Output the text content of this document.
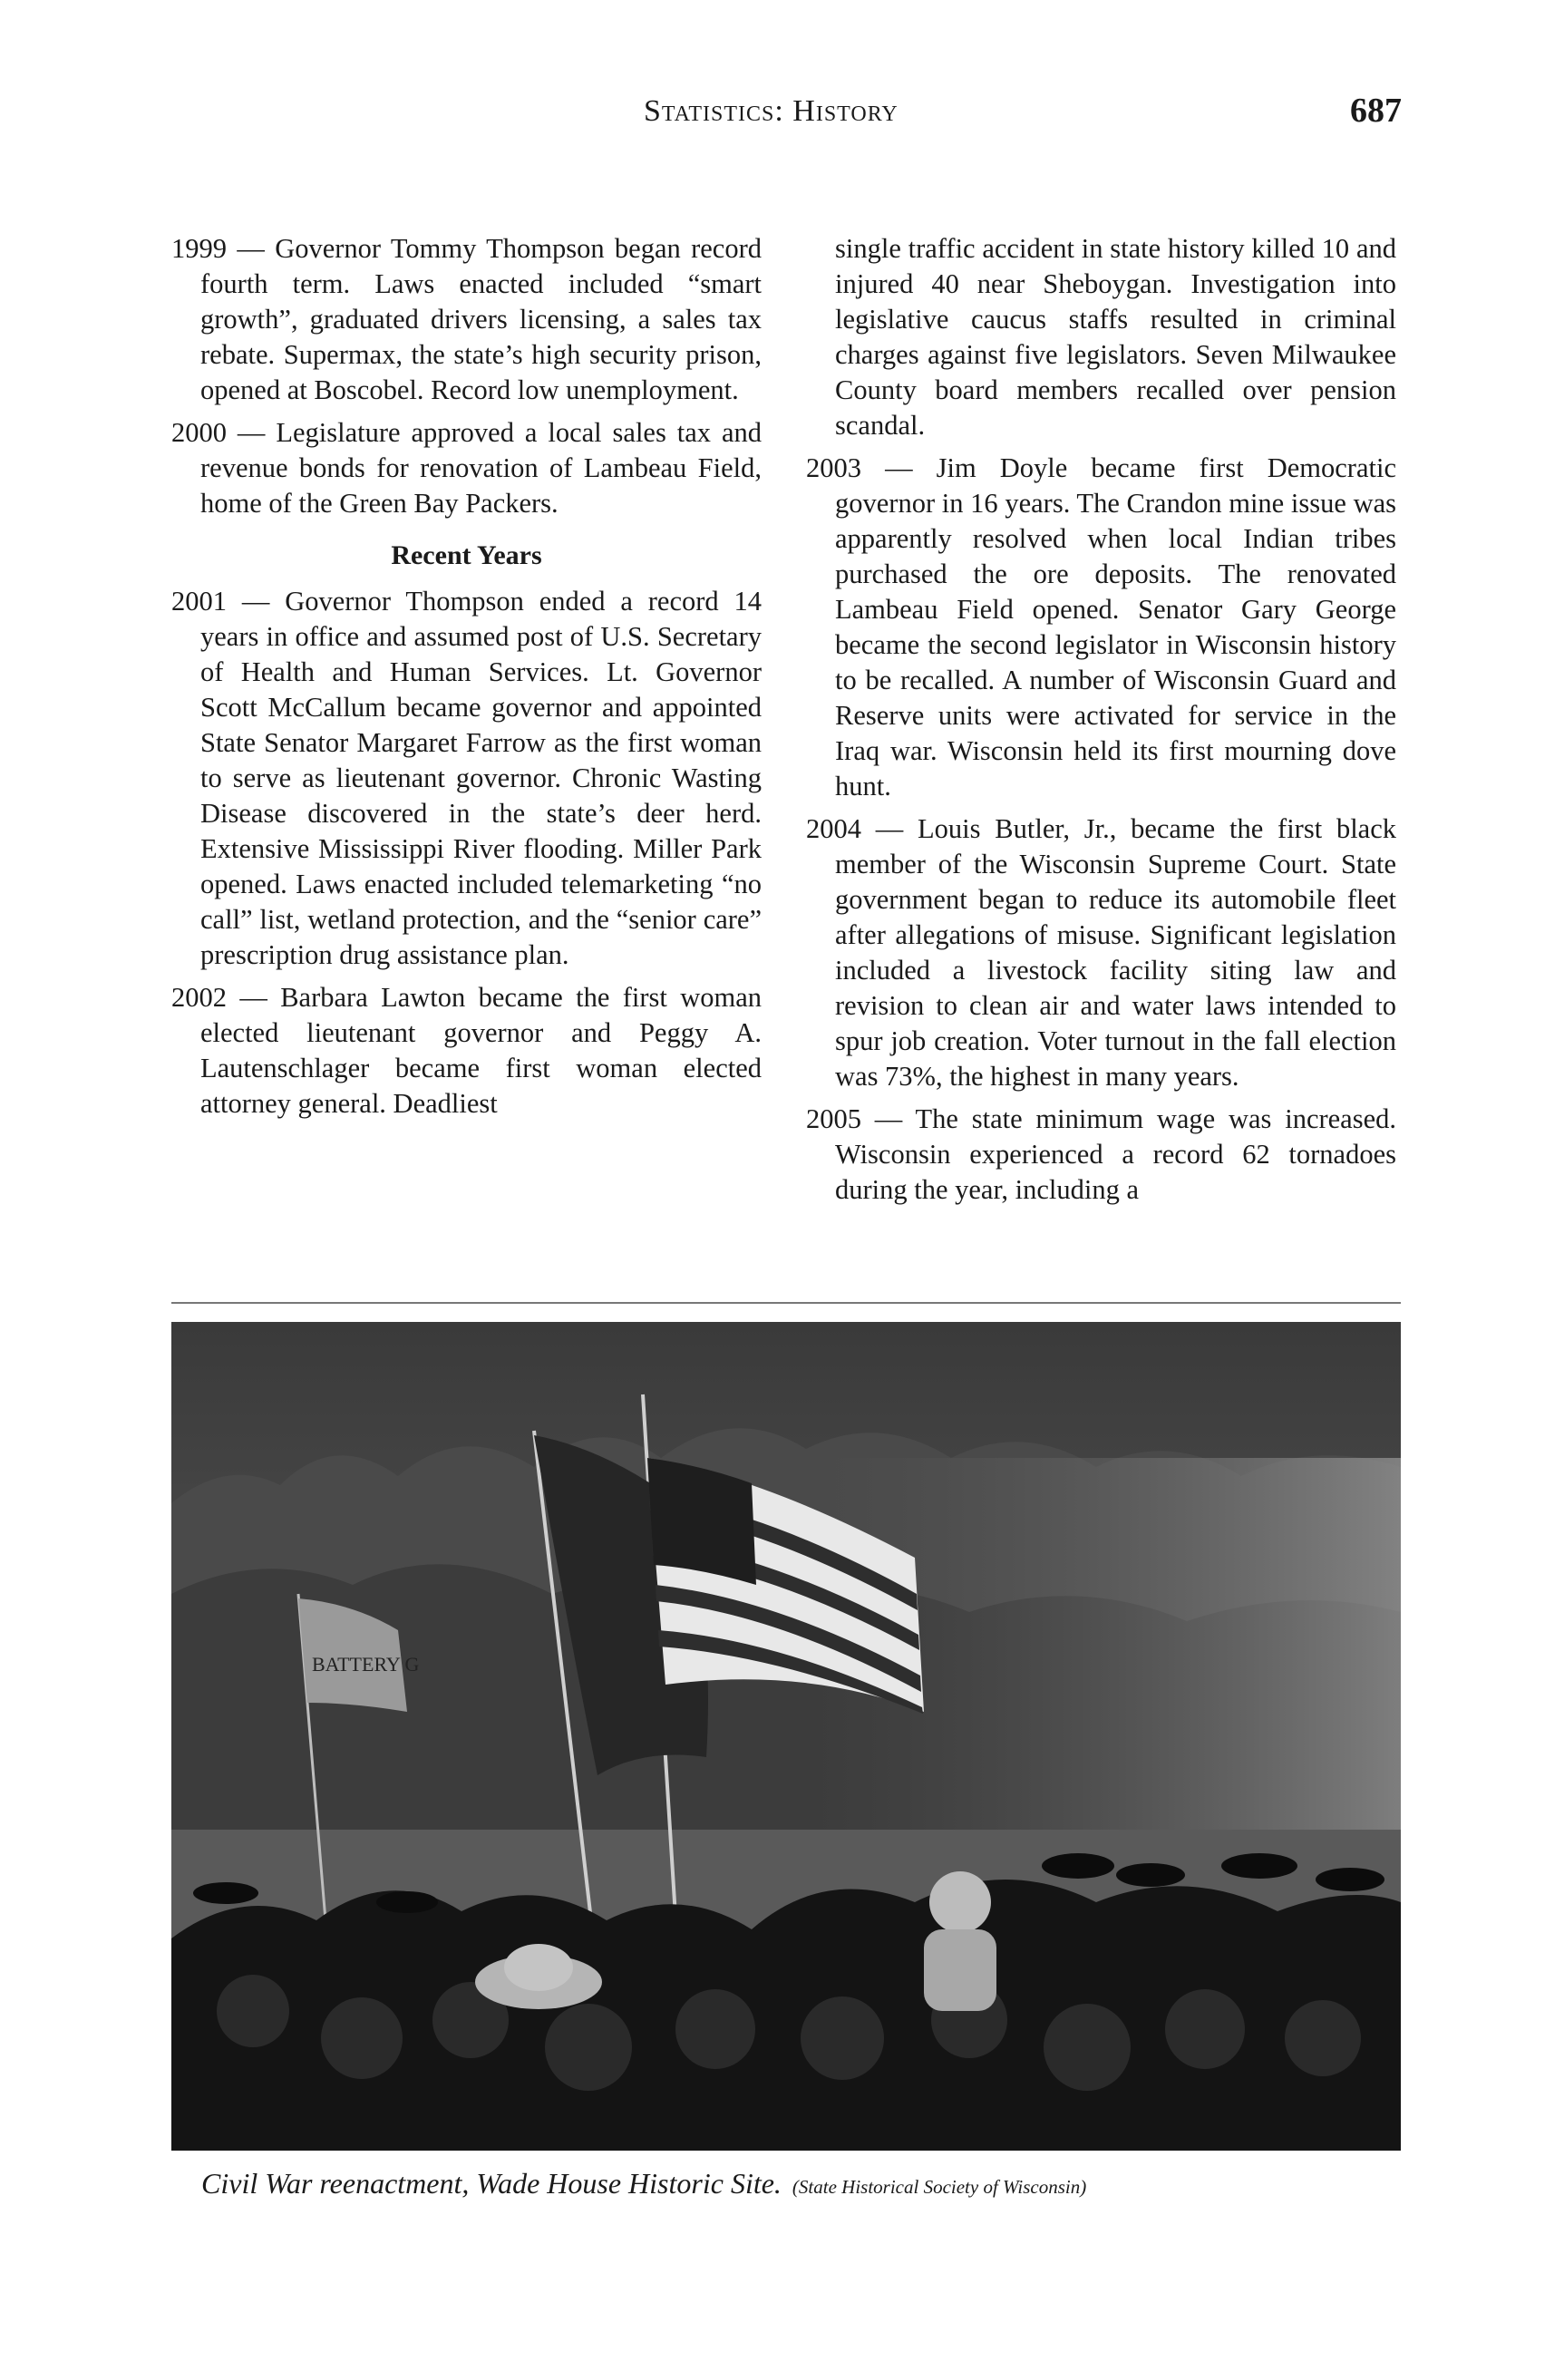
Statistics: History	687

1999 — Governor Tommy Thompson began record fourth term. Laws enacted included “smart growth”, graduated drivers licensing, a sales tax rebate. Supermax, the state’s high security prison, opened at Boscobel. Record low unemployment.

2000 — Legislature approved a local sales tax and revenue bonds for renovation of Lambeau Field, home of the Green Bay Packers.

Recent Years

2001 — Governor Thompson ended a record 14 years in office and assumed post of U.S. Secretary of Health and Human Services. Lt. Governor Scott McCallum became governor and appointed State Senator Margaret Farrow as the first woman to serve as lieutenant governor. Chronic Wasting Disease discovered in the state’s deer herd. Extensive Mississippi River flooding. Miller Park opened. Laws enacted included telemarketing “no call” list, wetland protection, and the “senior care” prescription drug assistance plan.

2002 — Barbara Lawton became the first woman elected lieutenant governor and Peggy A. Lautenschlager became first woman elected attorney general. Deadliest

single traffic accident in state history killed 10 and injured 40 near Sheboygan. Investigation into legislative caucus staffs resulted in criminal charges against five legislators. Seven Milwaukee County board members recalled over pension scandal.

2003 — Jim Doyle became first Democratic governor in 16 years. The Crandon mine issue was apparently resolved when local Indian tribes purchased the ore deposits. The renovated Lambeau Field opened. Senator Gary George became the second legislator in Wisconsin history to be recalled. A number of Wisconsin Guard and Reserve units were activated for service in the Iraq war. Wisconsin held its first mourning dove hunt.

2004 — Louis Butler, Jr., became the first black member of the Wisconsin Supreme Court. State government began to reduce its automobile fleet after allegations of misuse. Significant legislation included a livestock facility siting law and revision to clean air and water laws intended to spur job creation. Voter turnout in the fall election was 73%, the highest in many years.

2005 — The state minimum wage was increased. Wisconsin experienced a record 62 tornadoes during the year, including a

BATTERY G
Civil War reenactment, Wade House Historic Site. (State Historical Society of Wisconsin)
